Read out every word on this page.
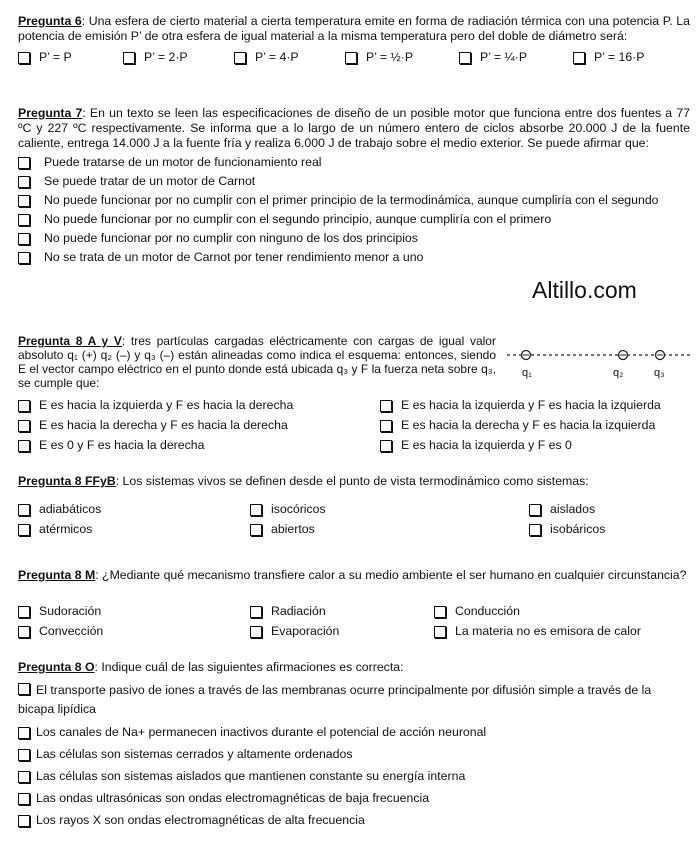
Pregunta 6: Una esfera de cierto material a cierta temperatura emite en forma de radiación térmica con una potencia P. La potencia de emisión P’ de otra esfera de igual material a la misma temperatura pero del doble de diámetro será:

P’ = P	P’ = 2·P	P’ = 4·P	P’ = ½·P	P’ = ¼·P	P’ = 16·P

Pregunta 7: En un texto se leen las especificaciones de diseño de un posible motor que funciona entre dos fuentes a 77 ºC y 227 ºC respectivamente. Se informa que a lo largo de un número entero de ciclos absorbe 20.000 J de la fuente caliente, entrega 14.000 J a la fuente fría y realiza 6.000 J de trabajo sobre el medio exterior. Se puede afirmar que:

Puede tratarse de un motor de funcionamiento real
Se puede tratar de un motor de Carnot
No puede funcionar por no cumplir con el primer principio de la termodinámica, aunque cumpliría con el segundo
No puede funcionar por no cumplir con el segundo principio, aunque cumpliría con el primero
No puede funcionar por no cumplir con ninguno de los dos principios
No se trata de un motor de Carnot por tener rendimiento menor a uno
Altillo.com

Pregunta 8 A y V: tres partículas cargadas eléctricamente con cargas de igual valor absoluto q₁ (+) q₂ (–) y q₃ (–) están alineadas como indica el esquema: entonces, siendo E el vector campo eléctrico en el punto donde está ubicada q₃ y F la fuerza neta sobre q₃, se cumple que:

q₁	q₂	q₃
E es hacia la izquierda y F es hacia la derecha	E es hacia la izquierda y F es hacia la izquierda
E es hacia la derecha y F es hacia la derecha	E es hacia la derecha y F es hacia la izquierda
E es 0 y F es hacia la derecha	E es hacia la izquierda y F es 0

Pregunta 8 FFyB: Los sistemas vivos se definen desde el punto de vista termodinámico como sistemas:

adiabáticos	isocóricos	aislados
atérmicos	abiertos	isobáricos

Pregunta 8 M: ¿Mediante qué mecanismo transfiere calor a su medio ambiente el ser humano en cualquier circunstancia?

Sudoración	Radiación	Conducción
Convección	Evaporación	La materia no es emisora de calor

Pregunta 8 O: Indique cuál de las siguientes afirmaciones es correcta:

El transporte pasivo de iones a través de las membranas ocurre principalmente por difusión simple a través de la bicapa lipídica
Los canales de Na+ permanecen inactivos durante el potencial de acción neuronal
Las células son sistemas cerrados y altamente ordenados
Las células son sistemas aislados que mantienen constante su energía interna
Las ondas ultrasónicas son ondas electromagnéticas de baja frecuencia
Los rayos X son ondas electromagnéticas de alta frecuencia
